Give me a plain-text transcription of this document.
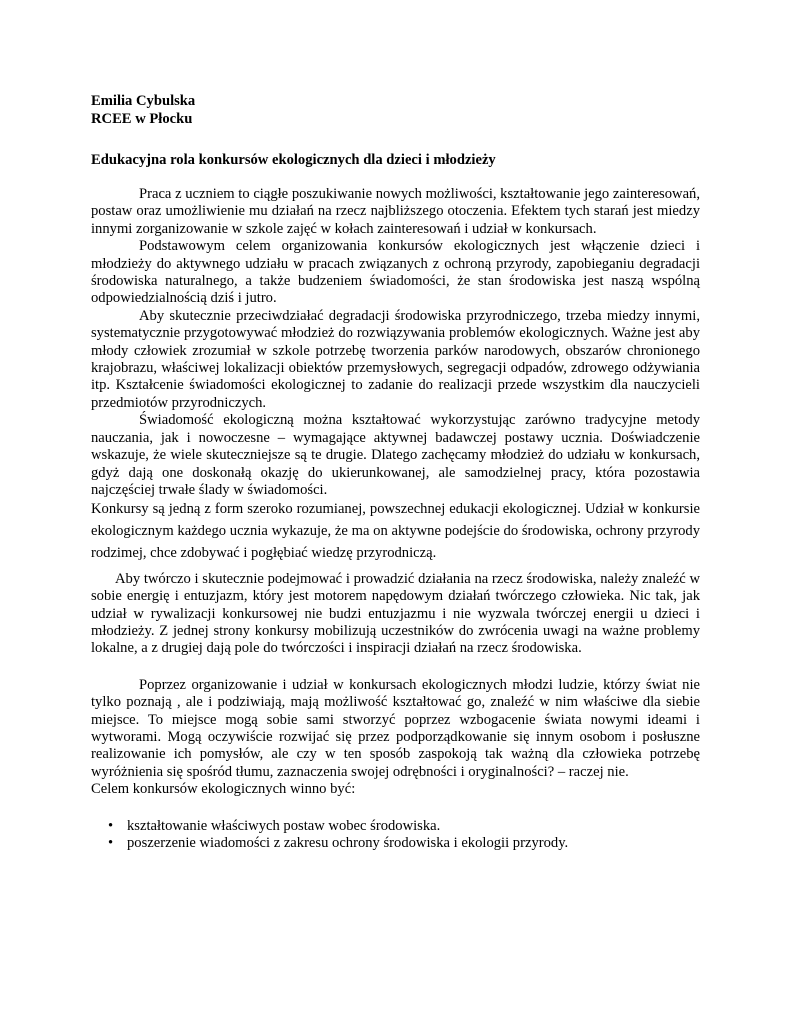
Emilia Cybulska
RCEE w Płocku
Edukacyjna rola konkursów ekologicznych dla dzieci i młodzieży

Praca z uczniem to ciągłe poszukiwanie nowych możliwości, kształtowanie jego zainteresowań, postaw oraz umożliwienie mu działań na rzecz najbliższego otoczenia. Efektem tych starań jest miedzy innymi zorganizowanie w szkole zajęć w kołach zainteresowań i udział w konkursach.

Podstawowym celem organizowania konkursów ekologicznych jest włączenie dzieci i młodzieży do aktywnego udziału w pracach związanych z ochroną przyrody, zapobieganiu degradacji środowiska naturalnego, a także budzeniem świadomości, że stan środowiska jest naszą wspólną odpowiedzialnością dziś i jutro.

Aby skutecznie przeciwdziałać degradacji środowiska przyrodniczego, trzeba miedzy innymi, systematycznie przygotowywać młodzież do rozwiązywania problemów ekologicznych. Ważne jest aby młody człowiek zrozumiał w szkole potrzebę tworzenia parków narodowych, obszarów chronionego krajobrazu, właściwej lokalizacji obiektów przemysłowych, segregacji odpadów, zdrowego odżywiania itp. Kształcenie świadomości ekologicznej to zadanie do realizacji przede wszystkim dla nauczycieli przedmiotów przyrodniczych.

Świadomość ekologiczną można kształtować wykorzystując zarówno tradycyjne metody nauczania, jak i nowoczesne – wymagające aktywnej badawczej postawy ucznia. Doświadczenie wskazuje, że wiele skuteczniejsze są te drugie. Dlatego zachęcamy młodzież do udziału w konkursach, gdyż dają one doskonałą okazję do ukierunkowanej, ale samodzielnej pracy, która pozostawia najczęściej trwałe ślady w świadomości.

Konkursy są jedną z form szeroko rozumianej, powszechnej edukacji ekologicznej. Udział w konkursie ekologicznym każdego ucznia wykazuje, że ma on aktywne podejście do środowiska, ochrony przyrody rodzimej, chce zdobywać i pogłębiać wiedzę przyrodniczą.

Aby twórczo i skutecznie podejmować i prowadzić działania na rzecz środowiska, należy znaleźć w sobie energię i entuzjazm, który jest motorem napędowym działań twórczego człowieka. Nic tak, jak udział w rywalizacji konkursowej nie budzi entuzjazmu i nie wyzwala twórczej energii u dzieci i młodzieży. Z jednej strony konkursy mobilizują uczestników do zwrócenia uwagi na ważne problemy lokalne, a z drugiej dają pole do twórczości i inspiracji działań na rzecz środowiska.

Poprzez organizowanie i udział w konkursach ekologicznych młodzi ludzie, którzy świat nie tylko poznają , ale i podziwiają, mają możliwość kształtować go, znaleźć w nim właściwe dla siebie miejsce. To miejsce mogą sobie sami stworzyć poprzez wzbogacenie świata nowymi ideami i wytworami. Mogą oczywiście rozwijać się przez podporządkowanie się innym osobom i posłuszne realizowanie ich pomysłów, ale czy w ten sposób zaspokoją tak ważną dla człowieka potrzebę wyróżnienia się spośród tłumu, zaznaczenia swojej odrębności i oryginalności? – raczej nie.

Celem konkursów ekologicznych winno być:

• kształtowanie właściwych postaw wobec środowiska.
• poszerzenie wiadomości z zakresu ochrony środowiska i ekologii przyrody.
